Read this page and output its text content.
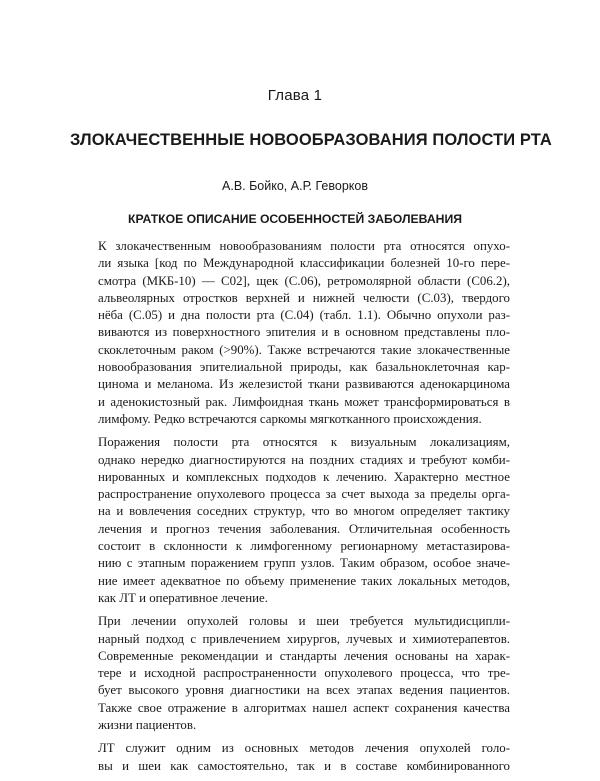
Глава 1
ЗЛОКАЧЕСТВЕННЫЕ НОВООБРАЗОВАНИЯ ПОЛОСТИ РТА
А.В. Бойко, А.Р. Геворков
КРАТКОЕ ОПИСАНИЕ ОСОБЕННОСТЕЙ ЗАБОЛЕВАНИЯ
К злокачественным новообразованиям полости рта относятся опухо-
ли языка [код по Международной классификации болезней 10-го пере-
смотра (МКБ-10) — С02], щек (С.06), ретромолярной области (С06.2),
альвеолярных отростков верхней и нижней челюсти (С.03), твердого
нёба (С.05) и дна полости рта (С.04) (табл. 1.1). Обычно опухоли раз-
виваются из поверхностного эпителия и в основном представлены пло-
скоклеточным раком (>90%). Также встречаются такие злокачественные
новообразования эпителиальной природы, как базальноклеточная кар-
цинома и меланома. Из железистой ткани развиваются аденокарцинома
и аденокистозный рак. Лимфоидная ткань может трансформироваться в
лимфому. Редко встречаются саркомы мягкотканного происхождения.
Поражения полости рта относятся к визуальным локализациям,
однако нередко диагностируются на поздних стадиях и требуют комби-
нированных и комплексных подходов к лечению. Характерно местное
распространение опухолевого процесса за счет выхода за пределы орга-
на и вовлечения соседних структур, что во многом определяет тактику
лечения и прогноз течения заболевания. Отличительная особенность
состоит в склонности к лимфогенному регионарному метастазирова-
нию с этапным поражением групп узлов. Таким образом, особое значе-
ние имеет адекватное по объему применение таких локальных методов,
как ЛТ и оперативное лечение.
При лечении опухолей головы и шеи требуется мультидисципли-
нарный подход с привлечением хирургов, лучевых и химиотерапевтов.
Современные рекомендации и стандарты лечения основаны на харак-
тере и исходной распространенности опухолевого процесса, что тре-
бует высокого уровня диагностики на всех этапах ведения пациентов.
Также свое отражение в алгоритмах нашел аспект сохранения качества
жизни пациентов.
ЛТ служит одним из основных методов лечения опухолей голо-
вы и шеи как самостоятельно, так и в составе комбинированного
